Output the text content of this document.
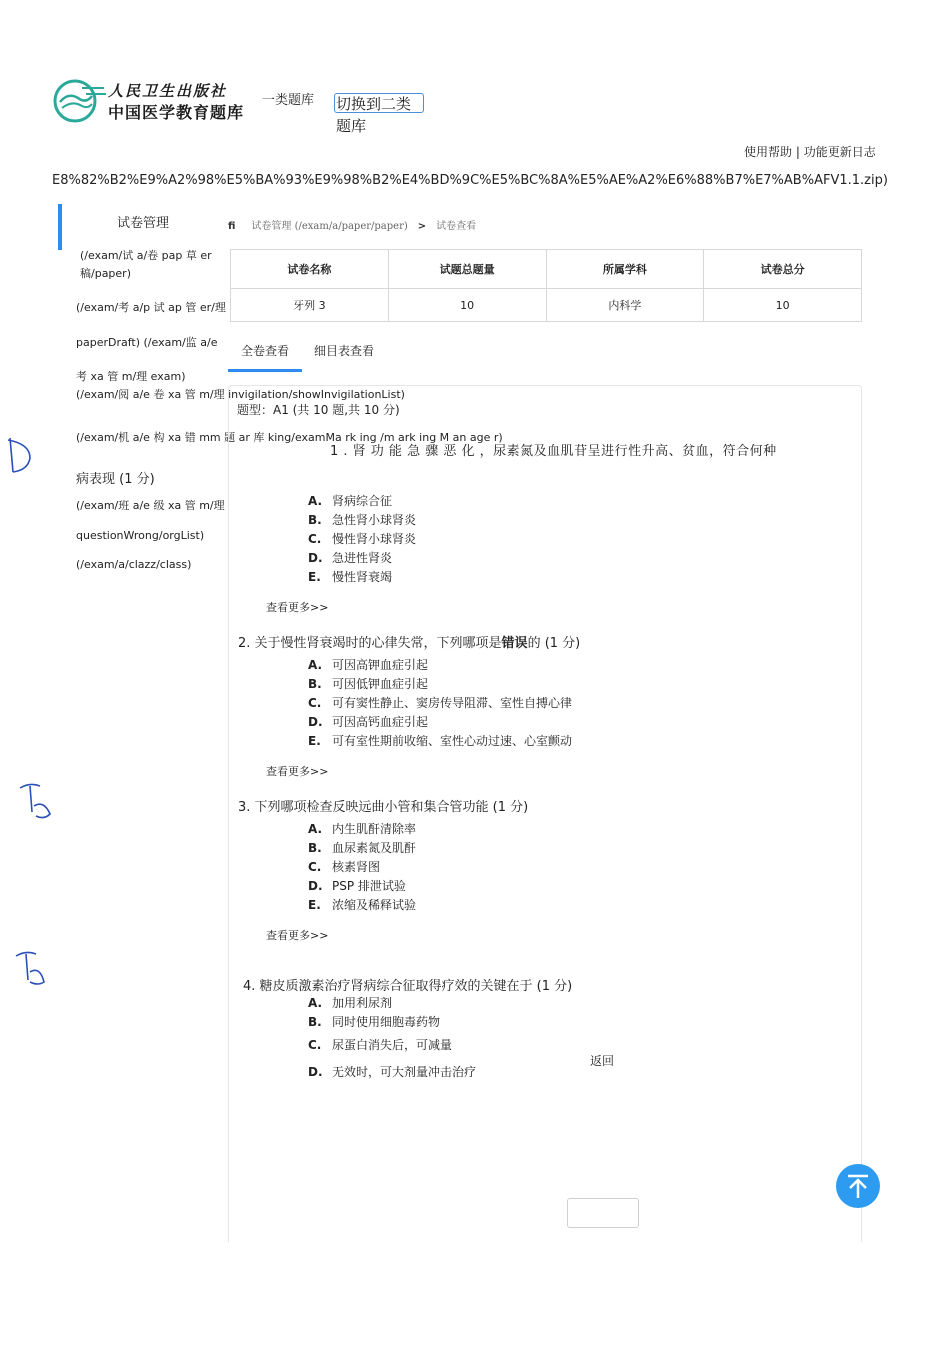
人民卫生出版社
中国医学教育题库
一类题库 切换到二类
题库
使用帮助 | 功能更新日志
E8%82%B2%E9%A2%98%E5%BA%93%E9%98%B2%E4%BD%9C%E5%BC%8A%E5%AE%A2%E6%88%B7%E7%AB%AFV1.1.zip)
试卷管理
(/exam/试 a/卷 pap 草 er
稿/paper)
(/exam/考 a/p 试 ap 管 er/理
paperDraft) (/exam/监 a/e
考 xa 管 m/理 exam)
(/exam/阅 a/e 卷 xa 管 m/理 invigilation/showInvigilationList)
(/exam/机 a/e 构 xa 错 mm 题 ar 库 king/examMa rk ing /m ark ing M an age r)
病表现 (1 分)
(/exam/班 a/e 级 xa 管 m/理
questionWrong/orgList)
(/exam/a/clazz/class)
fi 试卷管理 (/exam/a/paper/paper) > 试卷查看
试卷名称	试题总题量	所属学科	试卷总分
牙列 3	10	内科学	10
全卷查看	细目表查看
题型：A1 (共 10 题,共 10 分)
1 . 肾 功 能 急 骤 恶 化 ，尿素氮及血肌苷呈进行性升高、贫血，符合何种
A. 肾病综合征
B. 急性肾小球肾炎
C. 慢性肾小球肾炎
D. 急进性肾炎
E. 慢性肾衰竭
查看更多>>
2. 关于慢性肾衰竭时的心律失常，下列哪项是错误的 (1 分)
A. 可因高钾血症引起
B. 可因低钾血症引起
C. 可有窦性静止、窦房传导阻滞、室性自搏心律
D. 可因高钙血症引起
E. 可有室性期前收缩、室性心动过速、心室颤动
查看更多>>
3. 下列哪项检查反映远曲小管和集合管功能 (1 分)
A. 内生肌酐清除率
B. 血尿素氮及肌酐
C. 核素肾图
D. PSP 排泄试验
E. 浓缩及稀释试验
查看更多>>
4. 糖皮质激素治疗肾病综合征取得疗效的关键在于 (1 分)
A. 加用利尿剂
B. 同时使用细胞毒药物
C. 尿蛋白消失后，可减量
D. 无效时，可大剂量冲击治疗
返回
